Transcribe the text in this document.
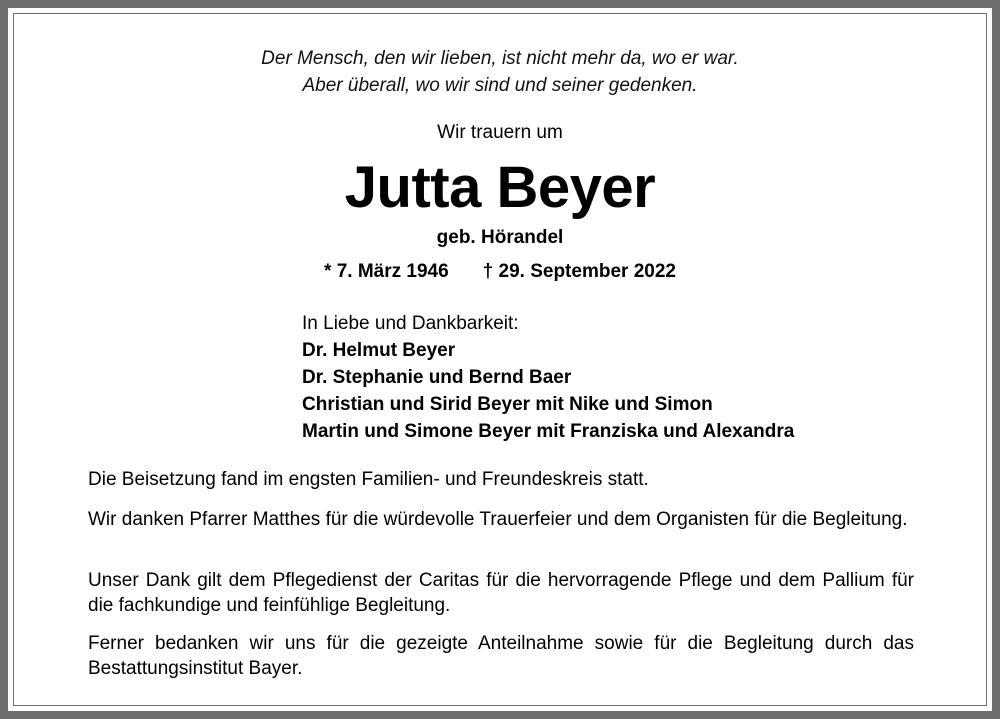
Der Mensch, den wir lieben, ist nicht mehr da, wo er war.
Aber überall, wo wir sind und seiner gedenken.
Wir trauern um
Jutta Beyer
geb. Hörandel
* 7. März 1946 † 29. September 2022
In Liebe und Dankbarkeit:
Dr. Helmut Beyer
Dr. Stephanie und Bernd Baer
Christian und Sirid Beyer mit Nike und Simon
Martin und Simone Beyer mit Franziska und Alexandra
Die Beisetzung fand im engsten Familien- und Freundeskreis statt.
Wir danken Pfarrer Matthes für die würdevolle Trauerfeier und dem Organisten für die Begleitung.
Unser Dank gilt dem Pflegedienst der Caritas für die hervorragende Pflege und dem Pallium für die fachkundige und feinfühlige Begleitung.
Ferner bedanken wir uns für die gezeigte Anteilnahme sowie für die Begleitung durch das Bestattungsinstitut Bayer.
